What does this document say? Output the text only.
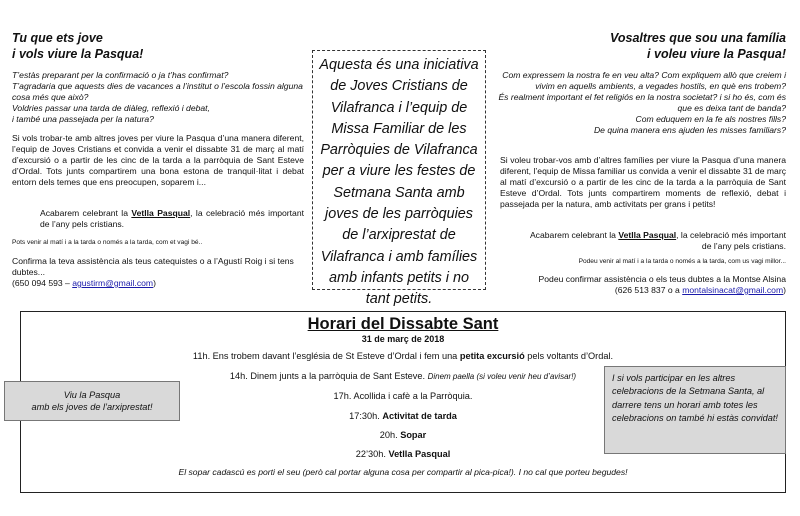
Tu que ets jove
i vols viure la Pasqua!

T’estàs preparant per la confirmació o ja t’has confirmat?

T’agradaria que aquests dies de vacances a l’institut o l’escola fossin alguna cosa més que això?

Voldries passar una tarda de diàleg, reflexió i debat,

i també una passejada per la natura?

Si vols trobar-te amb altres joves per viure la Pasqua d’una manera diferent, l’equip de Joves Cristians et convida a venir el dissabte 31 de març al matí d’excursió o a partir de les cinc de la tarda a la parròquia de Sant Esteve d’Ordal. Tots junts compartirem una bona estona de tranquil·litat i debat entorn dels temes que ens preocupen, soparem i...

Acabarem celebrant la Vetlla Pasqual, la celebració més important de l’any pels cristians.

Pots venir al matí i a la tarda o només a la tarda, com et vagi bé..

Confirma la teva assistència als teus catequistes o a l’Agustí Roig i si tens dubtes...
(650 094 593 – agustirm@gmail.com)

Aquesta és una iniciativa de Joves Cristians de Vilafranca i l’equip de Missa Familiar de les Parròquies de Vilafranca per a viure les festes de Setmana Santa amb joves de les parròquies de l’arxiprestat de Vilafranca i amb famílies amb infants petits i no tant petits.
Vosaltres que sou una família
i voleu viure la Pasqua!

Com expressem la nostra fe en veu alta? Com expliquem allò que creiem i vivim en aquells ambients, a vegades hostils, en què ens trobem?

És realment important el fet religiós en la nostra societat? i si ho és, com és que es deixa tant de banda?

Com eduquem en la fe als nostres fills?

De quina manera ens ajuden les misses familiars?

Si voleu trobar-vos amb d’altres famílies per viure la Pasqua d’una manera diferent, l’equip de Missa familiar us convida a venir el dissabte 31 de març al matí d’excursió o a partir de les cinc de la tarda a la parròquia de Sant Esteve d’Ordal. Tots junts compartirem moments de reflexió, debat i passejada per la natura, amb activitats per grans i petits!

Acabarem celebrant la Vetlla Pasqual, la celebració més important de l’any pels cristians.

Podeu venir al matí i a la tarda o només a la tarda, com us vagi millor...

Podeu confirmar assistència o els teus dubtes a la Montse Alsina
(626 513 837 o a montalsinacat@gmail.com)

Horari del Dissabte Sant
31 de març de 2018
11h. Ens trobem davant l’església de St Esteve d’Ordal i fem una petita excursió pels voltants d’Ordal.
14h. Dinem junts a la parròquia de Sant Esteve. Dinem paella (si voleu venir heu d’avisar!)
17h. Acollida i cafè a la Parròquia.
17:30h. Activitat de tarda
20h. Sopar
22’30h. Vetlla Pasqual
El sopar cadascú es porti el seu (però cal portar alguna cosa per compartir al pica-pica!). I no cal que porteu begudes!
Viu la Pasqua
amb els joves de l’arxiprestat!
I si vols participar en les altres celebracions de la Setmana Santa, al darrere tens un horari amb totes les celebracions on també hi estàs convidat!
